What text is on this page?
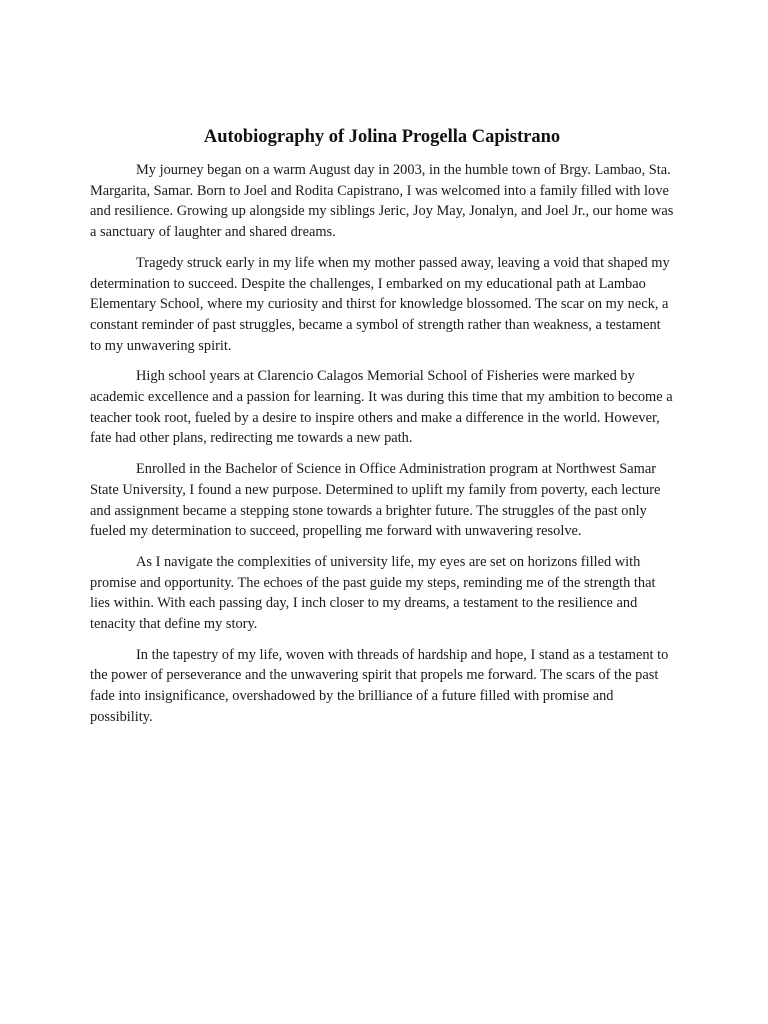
Autobiography of Jolina Progella Capistrano

My journey began on a warm August day in 2003, in the humble town of Brgy. Lambao, Sta. Margarita, Samar. Born to Joel and Rodita Capistrano, I was welcomed into a family filled with love and resilience. Growing up alongside my siblings Jeric, Joy May, Jonalyn, and Joel Jr., our home was a sanctuary of laughter and shared dreams.

Tragedy struck early in my life when my mother passed away, leaving a void that shaped my determination to succeed. Despite the challenges, I embarked on my educational path at Lambao Elementary School, where my curiosity and thirst for knowledge blossomed. The scar on my neck, a constant reminder of past struggles, became a symbol of strength rather than weakness, a testament to my unwavering spirit.

High school years at Clarencio Calagos Memorial School of Fisheries were marked by academic excellence and a passion for learning. It was during this time that my ambition to become a teacher took root, fueled by a desire to inspire others and make a difference in the world. However, fate had other plans, redirecting me towards a new path.

Enrolled in the Bachelor of Science in Office Administration program at Northwest Samar State University, I found a new purpose. Determined to uplift my family from poverty, each lecture and assignment became a stepping stone towards a brighter future. The struggles of the past only fueled my determination to succeed, propelling me forward with unwavering resolve.

As I navigate the complexities of university life, my eyes are set on horizons filled with promise and opportunity. The echoes of the past guide my steps, reminding me of the strength that lies within. With each passing day, I inch closer to my dreams, a testament to the resilience and tenacity that define my story.

In the tapestry of my life, woven with threads of hardship and hope, I stand as a testament to the power of perseverance and the unwavering spirit that propels me forward. The scars of the past fade into insignificance, overshadowed by the brilliance of a future filled with promise and possibility.
